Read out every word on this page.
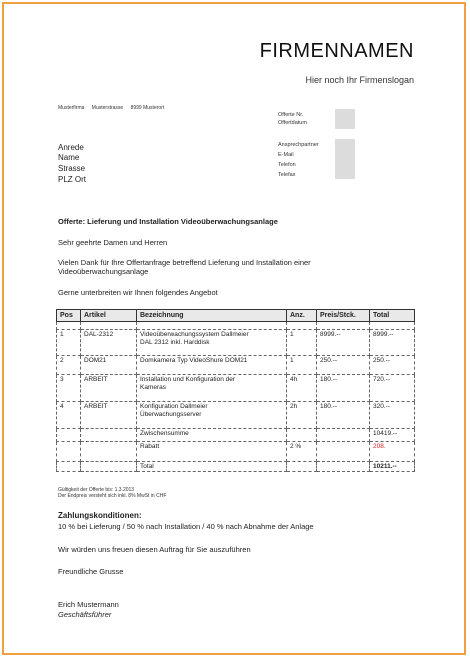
FIRMENNAMEN
Hier noch Ihr Firmenslogan
Musterfirma Musterstrasse 8999 Musterort
Offerte Nr.
Offertdatum
Ansprechpartner
E-Mail
Telefon
Telefax
Anrede
Name
Strasse
PLZ Ort
Offerte: Lieferung und Installation Videoüberwachungsanlage
Sehr geehrte Damen und Herren
Vielen Dank für Ihre Offertanfrage betreffend Lieferung und Installation einer
Videoüberwachungsanlage
Gerne unterbreiten wir Ihnen folgendes Angebot
Pos	Artikel	Bezeichnung	Anz.	Preis/Stck.	Total

1	DAL-2312	Videoüberwachungssystem Dallmeier
DAL 2312 inkl. Harddisk	1	8999.--	8999.--
2	DOM21	Domkamera Typ VideoShure DOM21	1	250.--	250.--
3	ARBEIT	Installation und Konfiguration der
Kameras	4h	180.--	720.--
4	ARBEIT	Konfiguration Dallmeier
Überwachungsserver	2h	180.--	320.--
		Zwischensumme			10419.--
		Rabatt	2 %		208.
		Total			10211.--
Gültigkeit der Offerte bis: 1.3.2013
Der Endpreis versteht sich inkl. 8% MwSt in CHF
Zahlungskonditionen:
10 % bei Lieferung / 50 % nach Installation / 40 % nach Abnahme der Anlage
Wir würden uns freuen diesen Auftrag für Sie auszuführen
Freundliche Grusse
Erich Mustermann
Geschäftsführer
